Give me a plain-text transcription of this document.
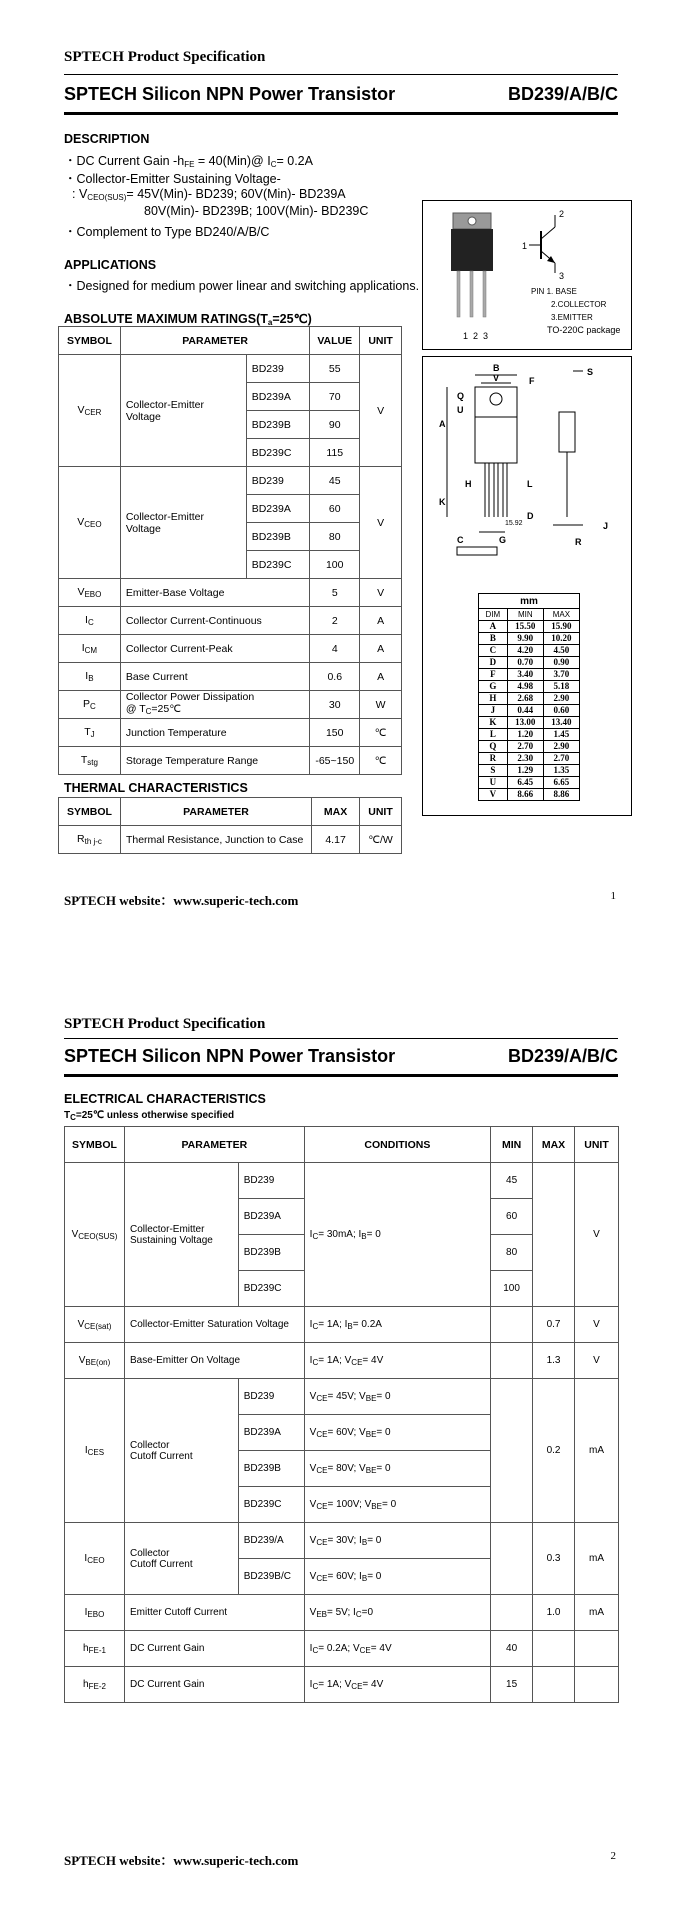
SPTECH Product Specification
SPTECH Silicon NPN Power Transistor	BD239/A/B/C
DESCRIPTION
・DC Current Gain $-h_{FE}$ = 40(Min)@ $I_C= 0.2A$
・Collector-Emitter Sustaining Voltage-
: $V_{CEO(SUS)}= 45V(Min)-$ BD239; 60V(Min)- BD239A
80V(Min)- BD239B; 100V(Min)- BD239C
・Complement to Type BD240/A/B/C
APPLICATIONS
・Designed for medium power linear and switching applications.
ABSOLUTE MAXIMUM $RATINGS(T_a=25℃)$
SYMBOL	PARAMETER		VALUE	UNIT
$V_{CER}$	Collector-Emitter Voltage	BD239	55	V
		BD239A	70	
		BD239B	90	
		BD239C	115	
$V_{CEO}$	Collector-Emitter Voltage	BD239	45	V
		BD239A	60	
		BD239B	80	
		BD239C	100	
$V_{EBO}$	Emitter-Base Voltage		5	V
$I_C$	Collector Current-Continuous		2	A
$I_{CM}$	Collector Current-Peak		4	A
$I_B$	Base Current		0.6	A
$P_C$	Collector Power Dissipation
@ $T_C=25℃$		30	W
$T_J$	Junction Temperature		150	℃
$T_{stg}$	Storage Temperature Range		-65~150	℃
THERMAL CHARACTERISTICS
SYMBOL	PARAMETER	MAX	UNIT
$R_{th j-c}$	Thermal Resistance, Junction to Case	4.17	℃/W
1
2
3
PIN 1. BASE
2.COLLECTOR
3.EMITTER
TO-220C package
1  2  3
B
V	F
S
Q
U
A
H	L
K
D
G	R
J
C
15.92
mm		
DIM	MIN	MAX
A	15.50	15.90
B	9.90	10.20
C	4.20	4.50
D	0.70	0.90
F	3.40	3.70
G	4.98	5.18
H	2.68	2.90
J	0.44	0.60
K	13.00	13.40
L	1.20	1.45
Q	2.70	2.90
R	2.30	2.70
S	1.29	1.35
U	6.45	6.65
V	8.66	8.86
SPTECH website：www.superic-tech.com	1
SPTECH Product Specification
SPTECH Silicon NPN Power Transistor	BD239/A/B/C
ELECTRICAL CHARACTERISTICS
$T_C=25℃$ unless otherwise specified
SYMBOL	PARAMETER		CONDITIONS	MIN	MAX	UNIT
$V_{CEO(SUS)}$	Collector-Emitter
Sustaining Voltage	BD239	$I_C= 30mA$; $I_B= 0$	45		V
		BD239A		60		
		BD239B		80		
		BD239C		100		
$V_{CE(sat)}$	Collector-Emitter Saturation Voltage		$I_C= 1A$; $I_B= 0.2A$		0.7	V
$V_{BE(on)}$	Base-Emitter On Voltage		$I_C= 1A$; $V_{CE}= 4V$		1.3	V
$I_{CES}$	Collector
Cutoff Current	BD239	$V_{CE}= 45V$; $V_{BE}= 0$		0.2	mA
		BD239A	$V_{CE}= 60V$; $V_{BE}= 0$			
		BD239B	$V_{CE}= 80V$; $V_{BE}= 0$			
		BD239C	$V_{CE}= 100V$; $V_{BE}= 0$			
$I_{CEO}$	Collector
Cutoff Current	BD239/A	$V_{CE}= 30V$; $I_B= 0$		0.3	mA
		BD239B/C	$V_{CE}= 60V$; $I_B= 0$			
$I_{EBO}$	Emitter Cutoff Current		$V_{EB}= 5V$; $I_C=0$		1.0	mA
$h_{FE-1}$	DC Current Gain		$I_C= 0.2A$; $V_{CE}= 4V$	40		
$h_{FE-2}$	DC Current Gain		$I_C= 1A$; $V_{CE}= 4V$	15		
SPTECH website：www.superic-tech.com	2
